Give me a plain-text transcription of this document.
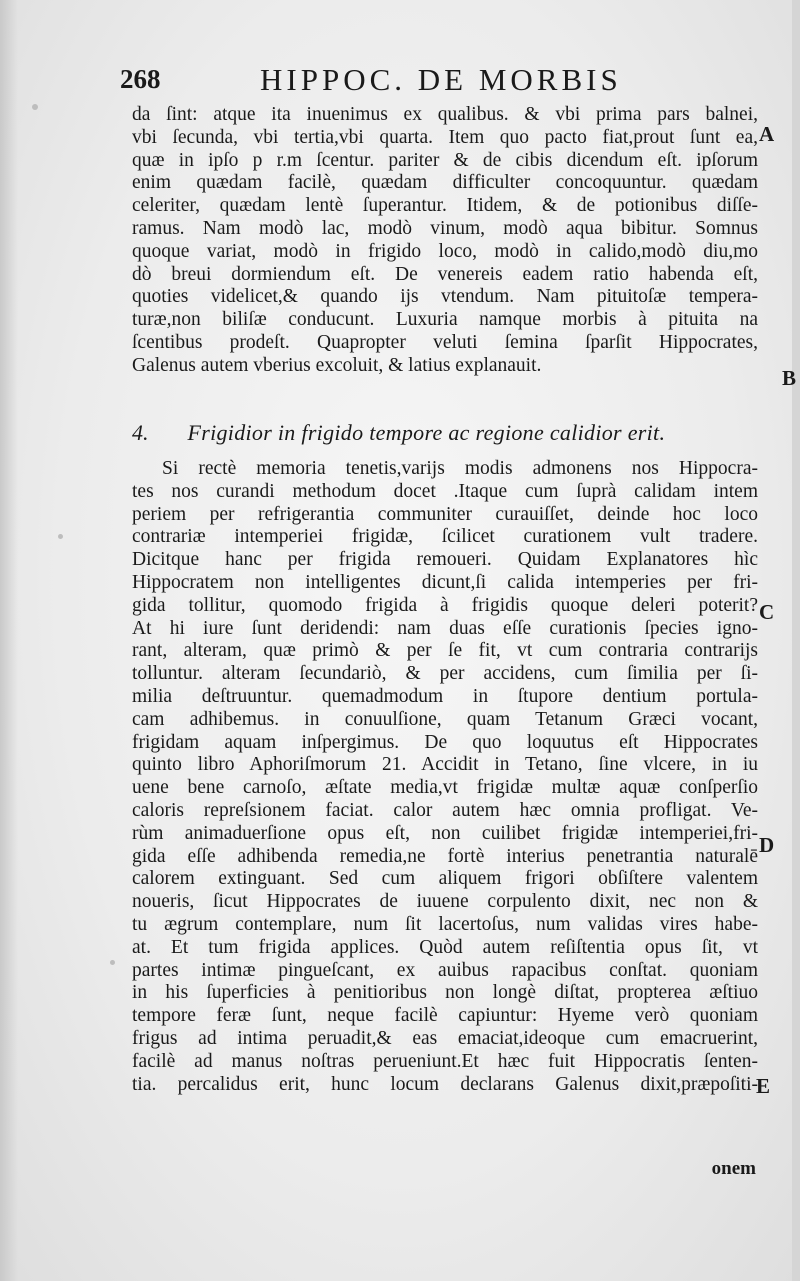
268	HIPPOC. DE MORBIS
da ſint: atque ita inuenimus ex qualibus. & vbi prima pars balnei,
vbi ſecunda, vbi tertia,vbi quarta. Item quo pacto fiat,prout ſunt ea,
quæ in ipſo p r.m ſcentur. pariter & de cibis dicendum eſt. ipſorum
enim quædam facilè, quædam difficulter concoquuntur. quædam
celeriter, quædam lentè ſuperantur. Itidem, & de potionibus diſſe-
ramus. Nam modò lac, modò vinum, modò aqua bibitur. Somnus
quoque variat, modò in frigido loco, modò in calido,modò diu,mo
dò breui dormiendum eſt. De venereis eadem ratio habenda eſt,
quoties videlicet,& quando ijs vtendum. Nam pituitoſæ tempera-
turæ,non biliſæ conducunt. Luxuria namque morbis à pituita na
ſcentibus prodeſt. Quapropter veluti ſemina ſparſit Hippocrates,
Galenus autem vberius excoluit, & latius explanauit.
4. Frigidior in frigido tempore ac regione calidior erit.
Si rectè memoria tenetis,varijs modis admonens nos Hippocra-
tes nos curandi methodum docet .Itaque cum ſuprà calidam intem
periem per refrigerantia communiter curauiſſet, deinde hoc loco
contrariæ intemperiei frigidæ, ſcilicet curationem vult tradere.
Dicitque hanc per frigida remoueri. Quidam Explanatores hìc
Hippocratem non intelligentes dicunt,ſi calida intemperies per fri-
gida tollitur, quomodo frigida à frigidis quoque deleri poterit?
At hi iure ſunt deridendi: nam duas eſſe curationis ſpecies igno-
rant, alteram, quæ primò & per ſe fit, vt cum contraria contrarijs
tolluntur. alteram ſecundariò, & per accidens, cum ſimilia per ſi-
milia deſtruuntur. quemadmodum in ſtupore dentium portula-
cam adhibemus. in conuulſione, quam Tetanum Græci vocant,
frigidam aquam inſpergimus. De quo loquutus eſt Hippocrates
quinto libro Aphoriſmorum 21. Accidit in Tetano, ſine vlcere, in iu
uene bene carnoſo, æſtate media,vt frigidæ multæ aquæ conſperſio
caloris repreſsionem faciat. calor autem hæc omnia profligat. Ve-
rùm animaduerſione opus eſt, non cuilibet frigidæ intemperiei,fri-
gida eſſe adhibenda remedia,ne fortè interius penetrantia naturalē
calorem extinguant. Sed cum aliquem frigori obſiſtere valentem
noueris, ſicut Hippocrates de iuuene corpulento dixit, nec non &
tu ægrum contemplare, num ſit lacertoſus, num validas vires habe-
at. Et tum frigida applices. Quòd autem reſiſtentia opus ſit, vt
partes intimæ pingueſcant, ex auibus rapacibus conſtat. quoniam
in his ſuperficies à penitioribus non longè diſtat, propterea æſtiuo
tempore feræ ſunt, neque facilè capiuntur: Hyeme verò quoniam
frigus ad intima peruadit,& eas emaciat,ideoque cum emacruerint,
facilè ad manus noſtras perueniunt.Et hæc fuit Hippocratis ſenten-
tia. percalidus erit, hunc locum declarans Galenus dixit,præpoſiti-
A
B
C
D
E
onem
